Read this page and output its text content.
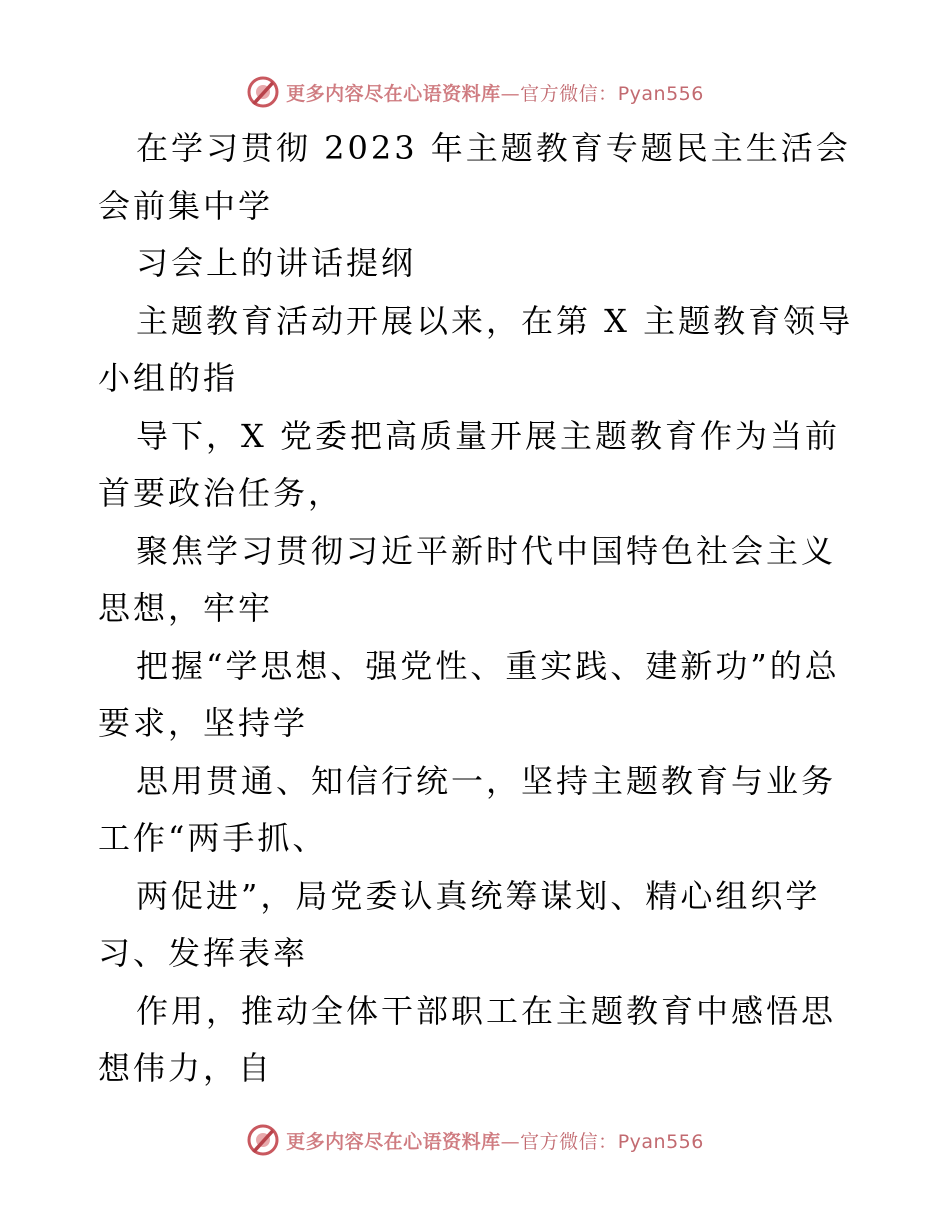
更多内容尽在心语资料库—官方微信：Pyan556

在学习贯彻 2023 年主题教育专题民主生活会会前集中学

习会上的讲话提纲

主题教育活动开展以来，在第 X 主题教育领导小组的指

导下，X 党委把高质量开展主题教育作为当前首要政治任务，

聚焦学习贯彻习近平新时代中国特色社会主义思想，牢牢

把握“学思想、强党性、重实践、建新功”的总要求，坚持学

思用贯通、知信行统一，坚持主题教育与业务工作“两手抓、

两促进”，局党委认真统筹谋划、精心组织学习、发挥表率

作用，推动全体干部职工在主题教育中感悟思想伟力，自

更多内容尽在心语资料库—官方微信：Pyan556
